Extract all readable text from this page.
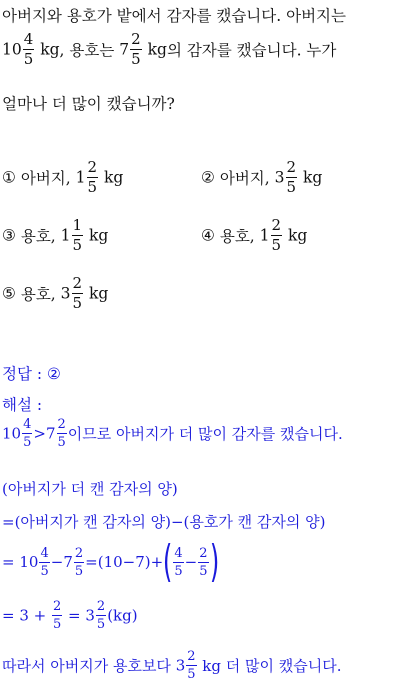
아버지와 용호가 밭에서 감자를 캤습니다. 아버지는
$10 \frac{4}{5}$ kg, 용호는 $7 \frac{2}{5}$ kg의 감자를 캤습니다. 누가
얼마나 더 많이 캤습니까?
① 아버지, $1 \frac{2}{5}$ kg	② 아버지, $3 \frac{2}{5}$ kg
③ 용호, $1 \frac{1}{5}$ kg	④ 용호, $1 \frac{2}{5}$ kg
⑤ 용호, $3 \frac{2}{5}$ kg
정답 : ②
해설 :
$10 \frac{4}{5} >7 \frac{2}{5}$ 이므로 아버지가 더 많이 감자를 캤습니다.
(아버지가 더 캔 감자의 양)
=(아버지가 캔 감자의 양)−(용호가 캔 감자의 양)
= $10 \frac{4}{5} -7 \frac{2}{5} =(10-7)+( \frac{4}{5} - \frac{2}{5}$ )
= $3 + \frac{2}{5} = 3 \frac{2}{5} (kg)$
따라서 아버지가 용호보다 $3 \frac{2}{5}$ kg 더 많이 캤습니다.
